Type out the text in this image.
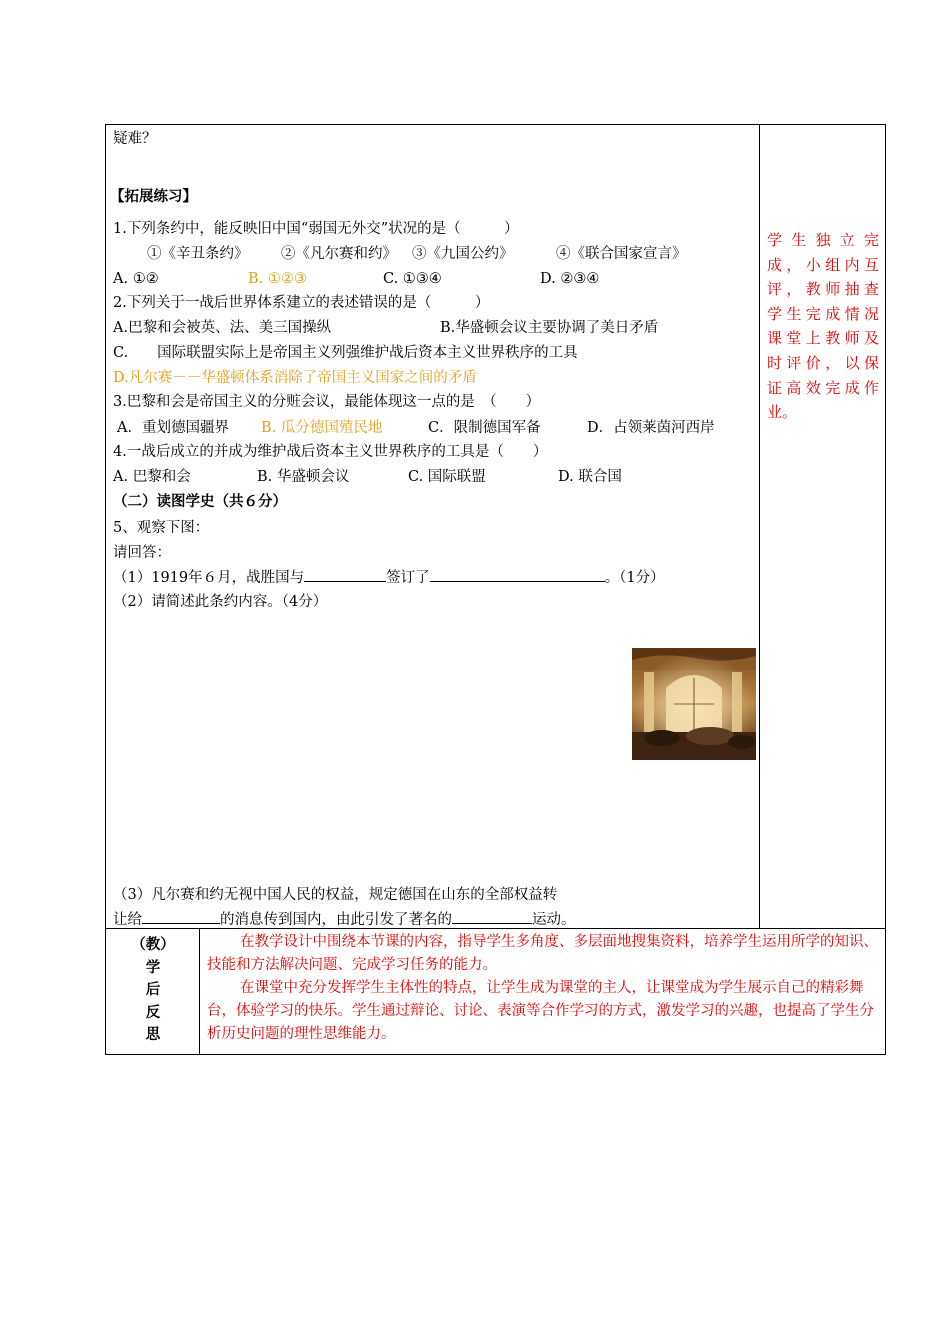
疑难？
【拓展练习】
1.下列条约中，能反映旧中国“弱国无外交”状况的是（　　　）
①《辛丑条约》 ②《凡尔赛和约》 ③《九国公约》	④《联合国家宣言》
A. ①②	B. ①②③	C. ①③④	D. ②③④
2.下列关于一战后世界体系建立的表述错误的是（　　　）
A.巴黎和会被英、法、美三国操纵	B.华盛顿会议主要协调了美日矛盾
C.　　国际联盟实际上是帝国主义列强维护战后资本主义世界秩序的工具
D.凡尔赛－－华盛顿体系消除了帝国主义国家之间的矛盾
3.巴黎和会是帝国主义的分赃会议，最能体现这一点的是　（　　）
A．重划德国疆界 B. 瓜分德国殖民地	C．限制德国军备	D．占领莱茵河西岸
4.一战后成立的并成为维护战后资本主义世界秩序的工具是（　　）
A. 巴黎和会	B. 华盛顿会议	C. 国际联盟	D. 联合国
（二）读图学史（共６分）
5、观察下图：
请回答：
（1）1919年６月，战胜国与	签订了	。（1分）
（2）请简述此条约内容。（4分）
（3）凡尔赛和约无视中国人民的权益，规定德国在山东的全部权益转
让给	的消息传到国内，由此引发了著名的	运动。
学生独立完
成，小组内互
评，教师抽查
学生完成情况
课堂上教师及
时评价，以保
证高效完成作
业。
（教）
学
后
反
思
在教学设计中围绕本节课的内容，指导学生多角度、多层面地搜集资料，培养学生运用所学的知识、技能和方法解决问题、完成学习任务的能力。
在课堂中充分发挥学生主体性的特点，让学生成为课堂的主人，让课堂成为学生展示自己的精彩舞台，体验学习的快乐。学生通过辩论、讨论、表演等合作学习的方式，激发学习的兴趣，也提高了学生分析历史问题的理性思维能力。
